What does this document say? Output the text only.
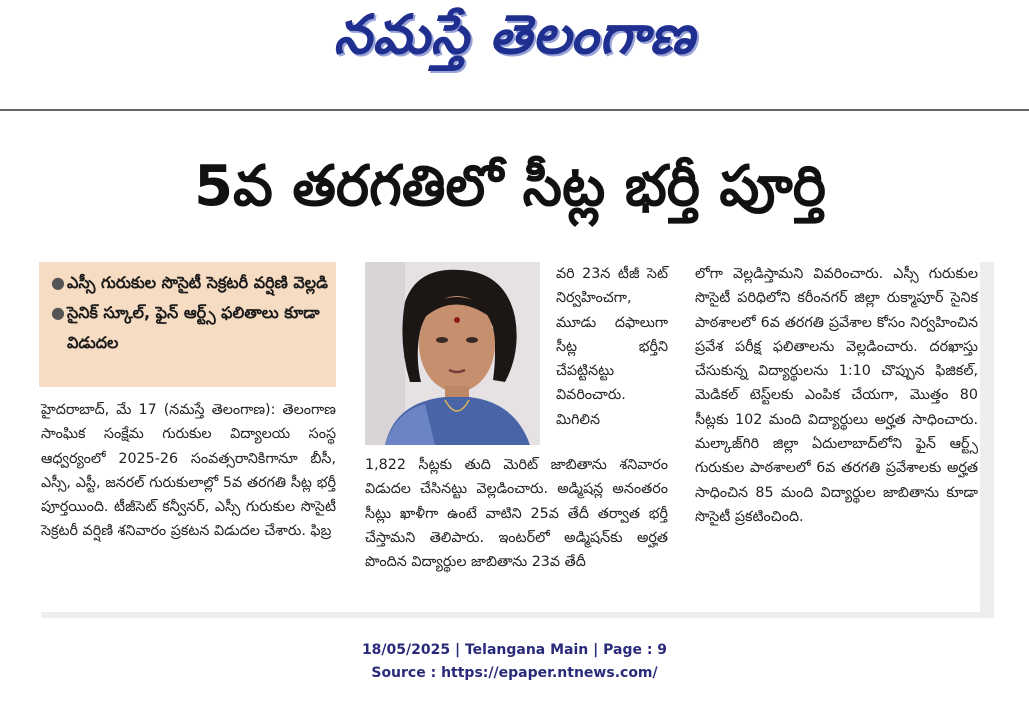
నమస్తే తెలంగాణ
5వ తరగతిలో సీట్ల భర్తీ పూర్తి
● ఎస్సీ గురుకుల సొసైటీ సెక్రటరీ వర్షిణి వెల్లడి
● సైనిక్ స్కూల్, ఫైన్ ఆర్ట్స్ ఫలితాలు కూడా విడుదల

హైదరాబాద్, మే 17 (నమస్తే తెలంగాణ): తెలంగాణ సాంఘిక సంక్షేమ గురుకుల విద్యాలయ సంస్థ ఆధ్వర్యంలో 2025-26 సంవత్సరానికిగానూ బీసీ, ఎస్సీ, ఎస్టీ, జనరల్ గురుకులాల్లో 5వ తరగతి సీట్ల భర్తీ పూర్తయింది. టీజీసెట్ కన్వీనర్, ఎస్సీ గురుకుల సొసైటీ సెక్రటరీ వర్షిణి శనివారం ప్రకటన విడుదల చేశారు. ఫిబ్ర

వరి 23న టీజీ సెట్ నిర్వహించగా, మూడు దఫాలుగా సీట్ల భర్తీని చేపట్టినట్టు వివరించారు. మిగిలిన

1,822 సీట్లకు తుది మెరిట్ జాబితాను శనివారం విడుదల చేసినట్టు వెల్లడించారు. అడ్మిషన్ల అనంతరం సీట్లు ఖాళీగా ఉంటే వాటిని 25వ తేదీ తర్వాత భర్తీ చేస్తామని తెలిపారు. ఇంటర్‌లో అడ్మిషన్‌కు అర్హత పొందిన విద్యార్థుల జాబితాను 23వ తేదీ

లోగా వెల్లడిస్తామని వివరించారు. ఎస్సీ గురుకుల సొసైటీ పరిధిలోని కరీంనగర్ జిల్లా రుక్మాపూర్ సైనిక పాఠశాలలో 6వ తరగతి ప్రవేశాల కోసం నిర్వహించిన ప్రవేశ పరీక్ష ఫలితాలను వెల్లడించారు. దరఖాస్తు చేసుకున్న విద్యార్థులను 1:10 చొప్పున ఫిజికల్, మెడికల్ టెస్ట్‌లకు ఎంపిక చేయగా, మొత్తం 80 సీట్లకు 102 మంది విద్యార్థులు అర్హత సాధించారు. మల్కాజ్‌గిరి జిల్లా ఏదులాబాద్‌లోని ఫైన్ ఆర్ట్స్ గురుకుల పాఠశాలలో 6వ తరగతి ప్రవేశాలకు అర్హత సాధించిన 85 మంది విద్యార్థుల జాబితాను కూడా సొసైటీ ప్రకటించింది.

18/05/2025 | Telangana Main | Page : 9
Source : https://epaper.ntnews.com/
